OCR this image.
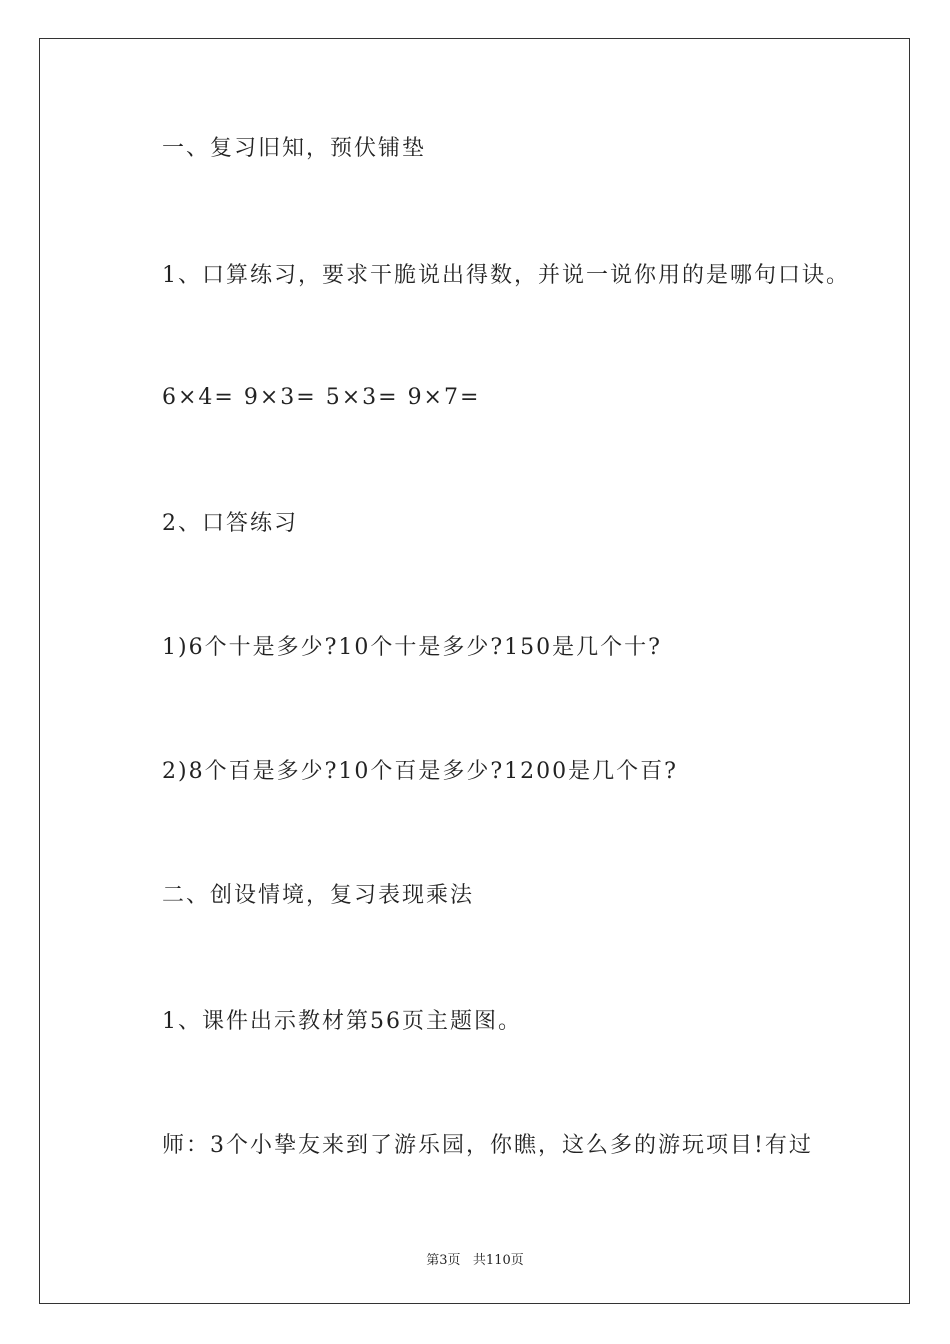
一、复习旧知，预伏铺垫
1、口算练习，要求干脆说出得数，并说一说你用的是哪句口诀。
6×4= 9×3= 5×3= 9×7=
2、口答练习
1)6个十是多少?10个十是多少?150是几个十?
2)8个百是多少?10个百是多少?1200是几个百?
二、创设情境，复习表现乘法
1、课件出示教材第56页主题图。
师：3个小挚友来到了游乐园，你瞧，这么多的游玩项目!有过
第3页   共110页
